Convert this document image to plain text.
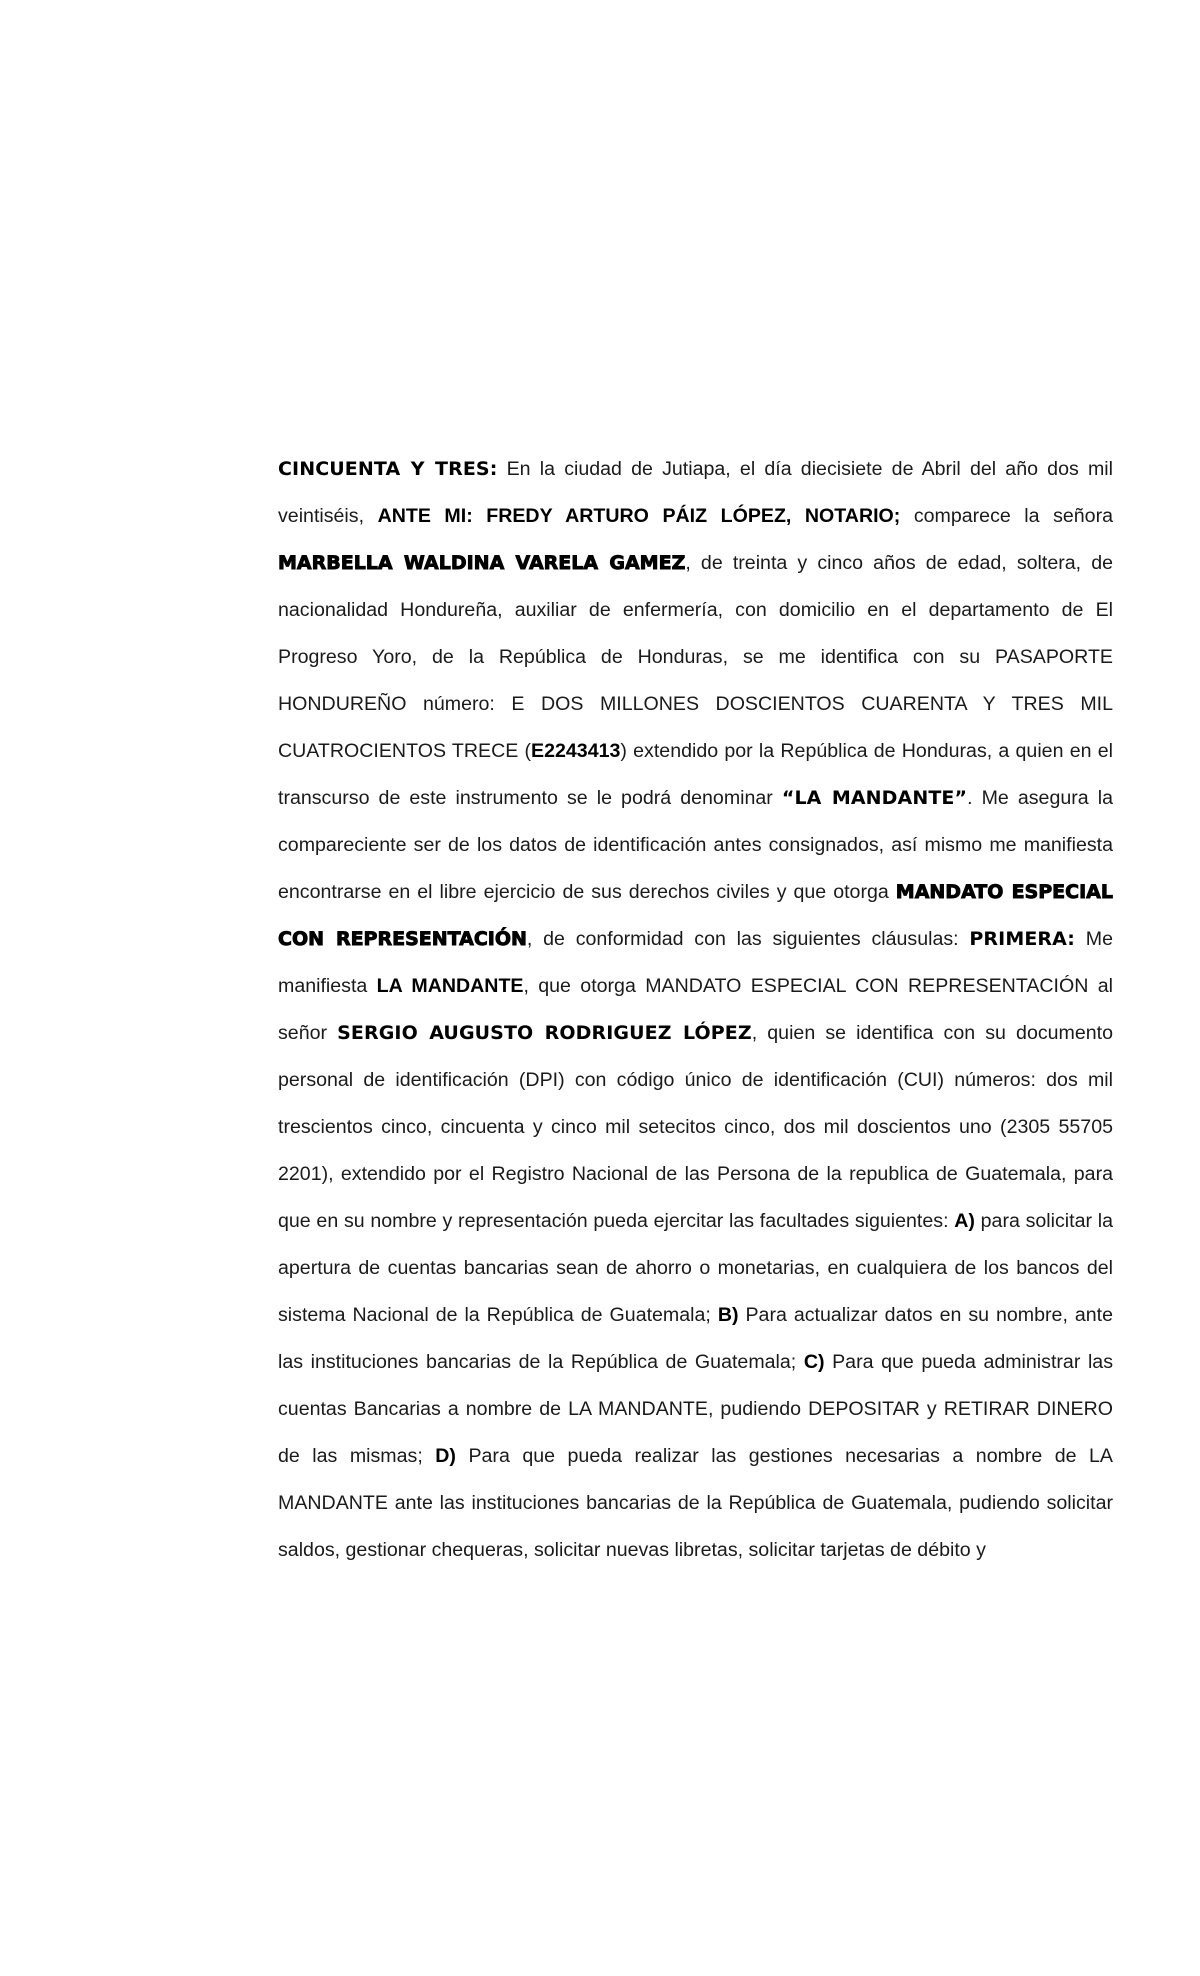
CINCUENTA Y TRES: En la ciudad de Jutiapa, el día diecisiete de Abril del año dos mil veintiséis, ANTE MI: FREDY ARTURO PÁIZ LÓPEZ, NOTARIO; comparece la señora MARBELLA WALDINA VARELA GAMEZ, de treinta y cinco años de edad, soltera, de nacionalidad Hondureña, auxiliar de enfermería, con domicilio en el departamento de El Progreso Yoro, de la República de Honduras, se me identifica con su PASAPORTE HONDUREÑO número: E DOS MILLONES DOSCIENTOS CUARENTA Y TRES MIL CUATROCIENTOS TRECE (E2243413) extendido por la República de Honduras, a quien en el transcurso de este instrumento se le podrá denominar “LA MANDANTE”. Me asegura la compareciente ser de los datos de identificación antes consignados, así mismo me manifiesta encontrarse en el libre ejercicio de sus derechos civiles y que otorga MANDATO ESPECIAL CON REPRESENTACIÓN, de conformidad con las siguientes cláusulas: PRIMERA: Me manifiesta LA MANDANTE, que otorga MANDATO ESPECIAL CON REPRESENTACIÓN al señor SERGIO AUGUSTO RODRIGUEZ LÓPEZ, quien se identifica con su documento personal de identificación (DPI) con código único de identificación (CUI) números: dos mil trescientos cinco, cincuenta y cinco mil setecitos cinco, dos mil doscientos uno (2305 55705 2201), extendido por el Registro Nacional de las Persona de la republica de Guatemala, para que en su nombre y representación pueda ejercitar las facultades siguientes: A) para solicitar la apertura de cuentas bancarias sean de ahorro o monetarias, en cualquiera de los bancos del sistema Nacional de la República de Guatemala; B) Para actualizar datos en su nombre, ante las instituciones bancarias de la República de Guatemala; C) Para que pueda administrar las cuentas Bancarias a nombre de LA MANDANTE, pudiendo DEPOSITAR y RETIRAR DINERO de las mismas; D) Para que pueda realizar las gestiones necesarias a nombre de LA MANDANTE ante las instituciones bancarias de la República de Guatemala, pudiendo solicitar saldos, gestionar chequeras, solicitar nuevas libretas, solicitar tarjetas de débito y
